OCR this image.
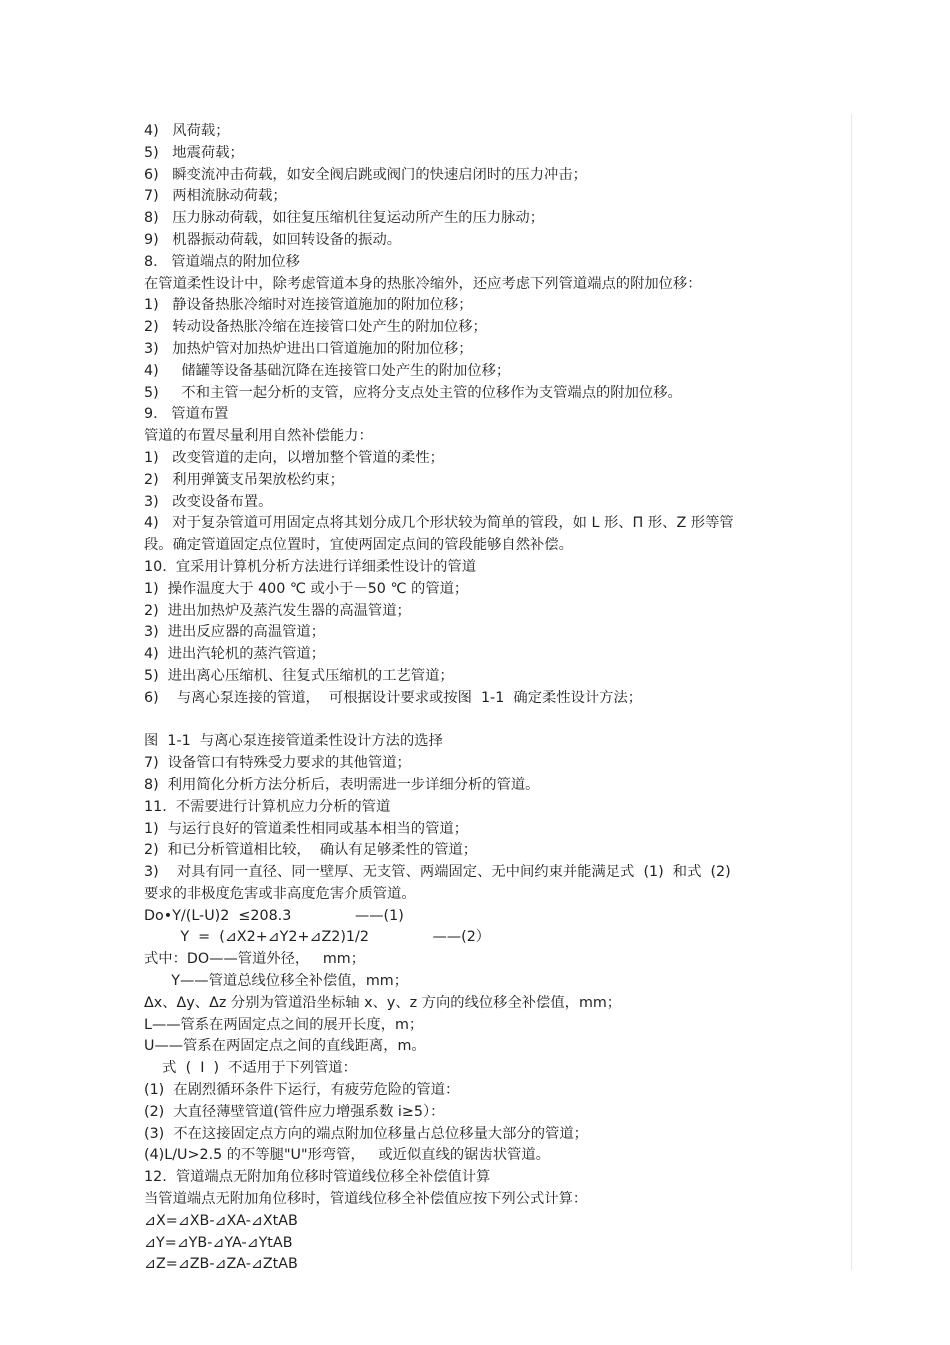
4)   风荷载；
5)   地震荷载；
6)   瞬变流冲击荷载，如安全阀启跳或阀门的快速启闭时的压力冲击；
7)   两相流脉动荷载；
8)   压力脉动荷载，如往复压缩机往复运动所产生的压力脉动；
9)   机器振动荷载，如回转设备的振动。
8.   管道端点的附加位移
在管道柔性设计中，除考虑管道本身的热胀冷缩外，还应考虑下列管道端点的附加位移：
1)   静设备热胀冷缩时对连接管道施加的附加位移；
2)   转动设备热胀冷缩在连接管口处产生的附加位移；
3)   加热炉管对加热炉进出口管道施加的附加位移；
4)     储罐等设备基础沉降在连接管口处产生的附加位移；
5)     不和主管一起分析的支管，应将分支点处主管的位移作为支管端点的附加位移。
9.   管道布置
管道的布置尽量利用自然补偿能力：
1)   改变管道的走向，以增加整个管道的柔性；
2)   利用弹簧支吊架放松约束；
3)   改变设备布置。
4)   对于复杂管道可用固定点将其划分成几个形状较为简单的管段，如 L 形、Π 形、Z 形等管
段。确定管道固定点位置时，宜使两固定点间的管段能够自然补偿。
10.  宜采用计算机分析方法进行详细柔性设计的管道
1)  操作温度大于 400 ℃ 或小于－50 ℃ 的管道；
2)  进出加热炉及蒸汽发生器的高温管道；
3)  进出反应器的高温管道；
4)  进出汽轮机的蒸汽管道；
5)  进出离心压缩机、往复式压缩机的工艺管道；
6)    与离心泵连接的管道，  可根据设计要求或按图  1-1  确定柔性设计方法；
图  1-1  与离心泵连接管道柔性设计方法的选择
7)  设备管口有特殊受力要求的其他管道；
8)  利用简化分析方法分析后，表明需进一步详细分析的管道。
11.  不需要进行计算机应力分析的管道
1)  与运行良好的管道柔性相同或基本相当的管道；
2)  和已分析管道相比较，  确认有足够柔性的管道；
3)    对具有同一直径、同一壁厚、无支管、两端固定、无中间约束并能满足式  (1)  和式  (2)
要求的非极度危害或非高度危害介质管道。
Do•Y/(L-U)2  ≤208.3              ——(1)
Y  =  (⊿X2+⊿Y2+⊿Z2)1/2              ——(2）
式中：DO——管道外径，   mm；
Y——管道总线位移全补偿值，mm；
Δx、Δy、Δz 分别为管道沿坐标轴 x、y、z 方向的线位移全补偿值，mm；
L——管系在两固定点之间的展开长度，m；
U——管系在两固定点之间的直线距离，m。
式  (  Ⅰ  )  不适用于下列管道：
(1)  在剧烈循环条件下运行，有疲劳危险的管道：
(2)  大直径薄壁管道(管件应力增强系数 i≥5）：
(3)  不在这接固定点方向的端点附加位移量占总位移量大部分的管道；
(4)L/U>2.5 的不等腿"U"形弯管，   或近似直线的锯齿状管道。
12.  管道端点无附加角位移时管道线位移全补偿值计算
当管道端点无附加角位移时，管道线位移全补偿值应按下列公式计算：
⊿X=⊿XB-⊿XA-⊿XtAB
⊿Y=⊿YB-⊿YA-⊿YtAB
⊿Z=⊿ZB-⊿ZA-⊿ZtAB
